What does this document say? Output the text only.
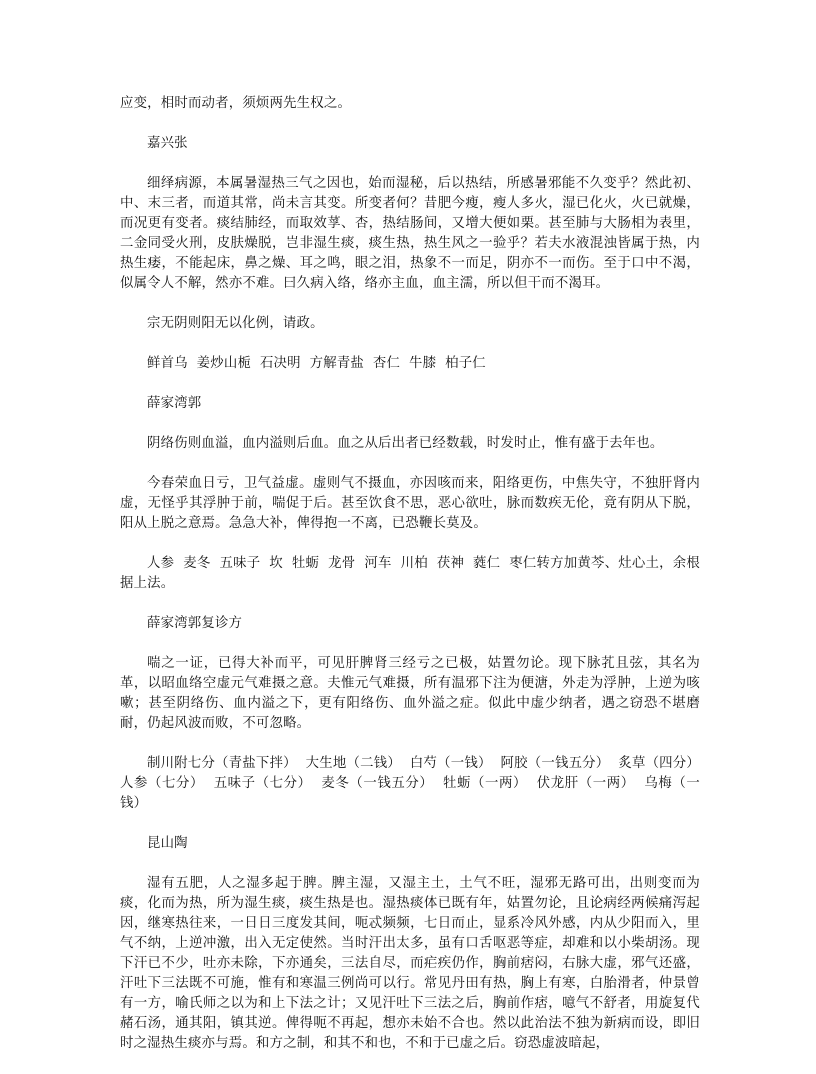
应变，相时而动者，须烦两先生权之。

嘉兴张

细绎病源，本属暑湿热三气之因也，始而湿秘，后以热结，所感暑邪能不久变乎？然此初、中、末三者，而道其常，尚未言其变。所变者何？昔肥今瘦，瘦人多火，湿已化火，火已就燥，而况更有变者。痰结肺经，而取效莩、杏，热结肠间，又增大便如栗。甚至肺与大肠相为表里，二金同受火刑，皮肤燥脱，岂非湿生痰，痰生热，热生风之一验乎？若夫水液混浊皆属于热，内热生痿，不能起床，鼻之燥、耳之鸣，眼之泪，热象不一而足，阴亦不一而伤。至于口中不渴，似属令人不解，然亦不难。曰久病入络，络亦主血，血主濡，所以但干而不渴耳。

宗无阴则阳无以化例，请政。

鲜首乌  姜炒山栀  石决明  方解青盐  杏仁  牛膝  柏子仁

薛家湾郭

阴络伤则血溢，血内溢则后血。血之从后出者已经数载，时发时止，惟有盛于去年也。

今春荣血日亏，卫气益虚。虚则气不摄血，亦因咳而来，阳络更伤，中焦失守，不独肝肾内虚，无怪乎其浮肿于前，喘促于后。甚至饮食不思，恶心欲吐，脉而数疾无伦，竟有阴从下脱，阳从上脱之意焉。急急大补，俾得抱一不离，已恐鞭长莫及。

人参  麦冬  五味子  坎  牡蛎  龙骨  河车  川柏  茯神  蕤仁  枣仁转方加黄芩、灶心土，余根据上法。

薛家湾郭复诊方

喘之一证，已得大补而平，可见肝脾肾三经亏之已极，姑置勿论。现下脉芤且弦，其名为革，以昭血络空虚元气难摄之意。夫惟元气难摄，所有温邪下注为便溏，外走为浮肿，上逆为咳嗽；甚至阴络伤、血内溢之下，更有阳络伤、血外溢之症。似此中虚少纳者，遇之窃恐不堪磨耐，仍起风波而败，不可忽略。

制川附七分（青盐下拌）  大生地（二钱）  白芍（一钱）  阿胶（一钱五分）  炙草（四分）人参（七分）  五味子（七分）  麦冬（一钱五分）  牡蛎（一两）  伏龙肝（一两）  乌梅（一钱）

昆山陶

湿有五肥，人之湿多起于脾。脾主湿，又湿主土，土气不旺，湿邪无路可出，出则变而为痰，化而为热，所为湿生痰，痰生热是也。湿热痰体已既有年，姑置勿论，且论病经两候痛泻起因，继寒热往来，一日日三度发其间，呃忒频频，七日而止，显系冷风外感，内从少阳而入，里气不纳，上逆冲激，出入无定使然。当时汗出太多，虽有口舌呕恶等症，却难和以小柴胡汤。现下汗已不少，吐亦未除，下亦通矣，三法自尽，而疟疾仍作，胸前痞闷，右脉大虚，邪气还盛，汗吐下三法既不可施，惟有和寒温三例尚可以行。常见丹田有热，胸上有寒，白胎滑者，仲景曾有一方，喻氏师之以为和上下法之计；又见汗吐下三法之后，胸前作痞，噫气不舒者，用旋复代赭石汤，通其阳，镇其逆。俾得呃不再起，想亦未始不合也。然以此治法不独为新病而设，即旧时之湿热生痰亦与焉。和方之制，和其不和也，不和于已虚之后。窃恐虚波暗起，
